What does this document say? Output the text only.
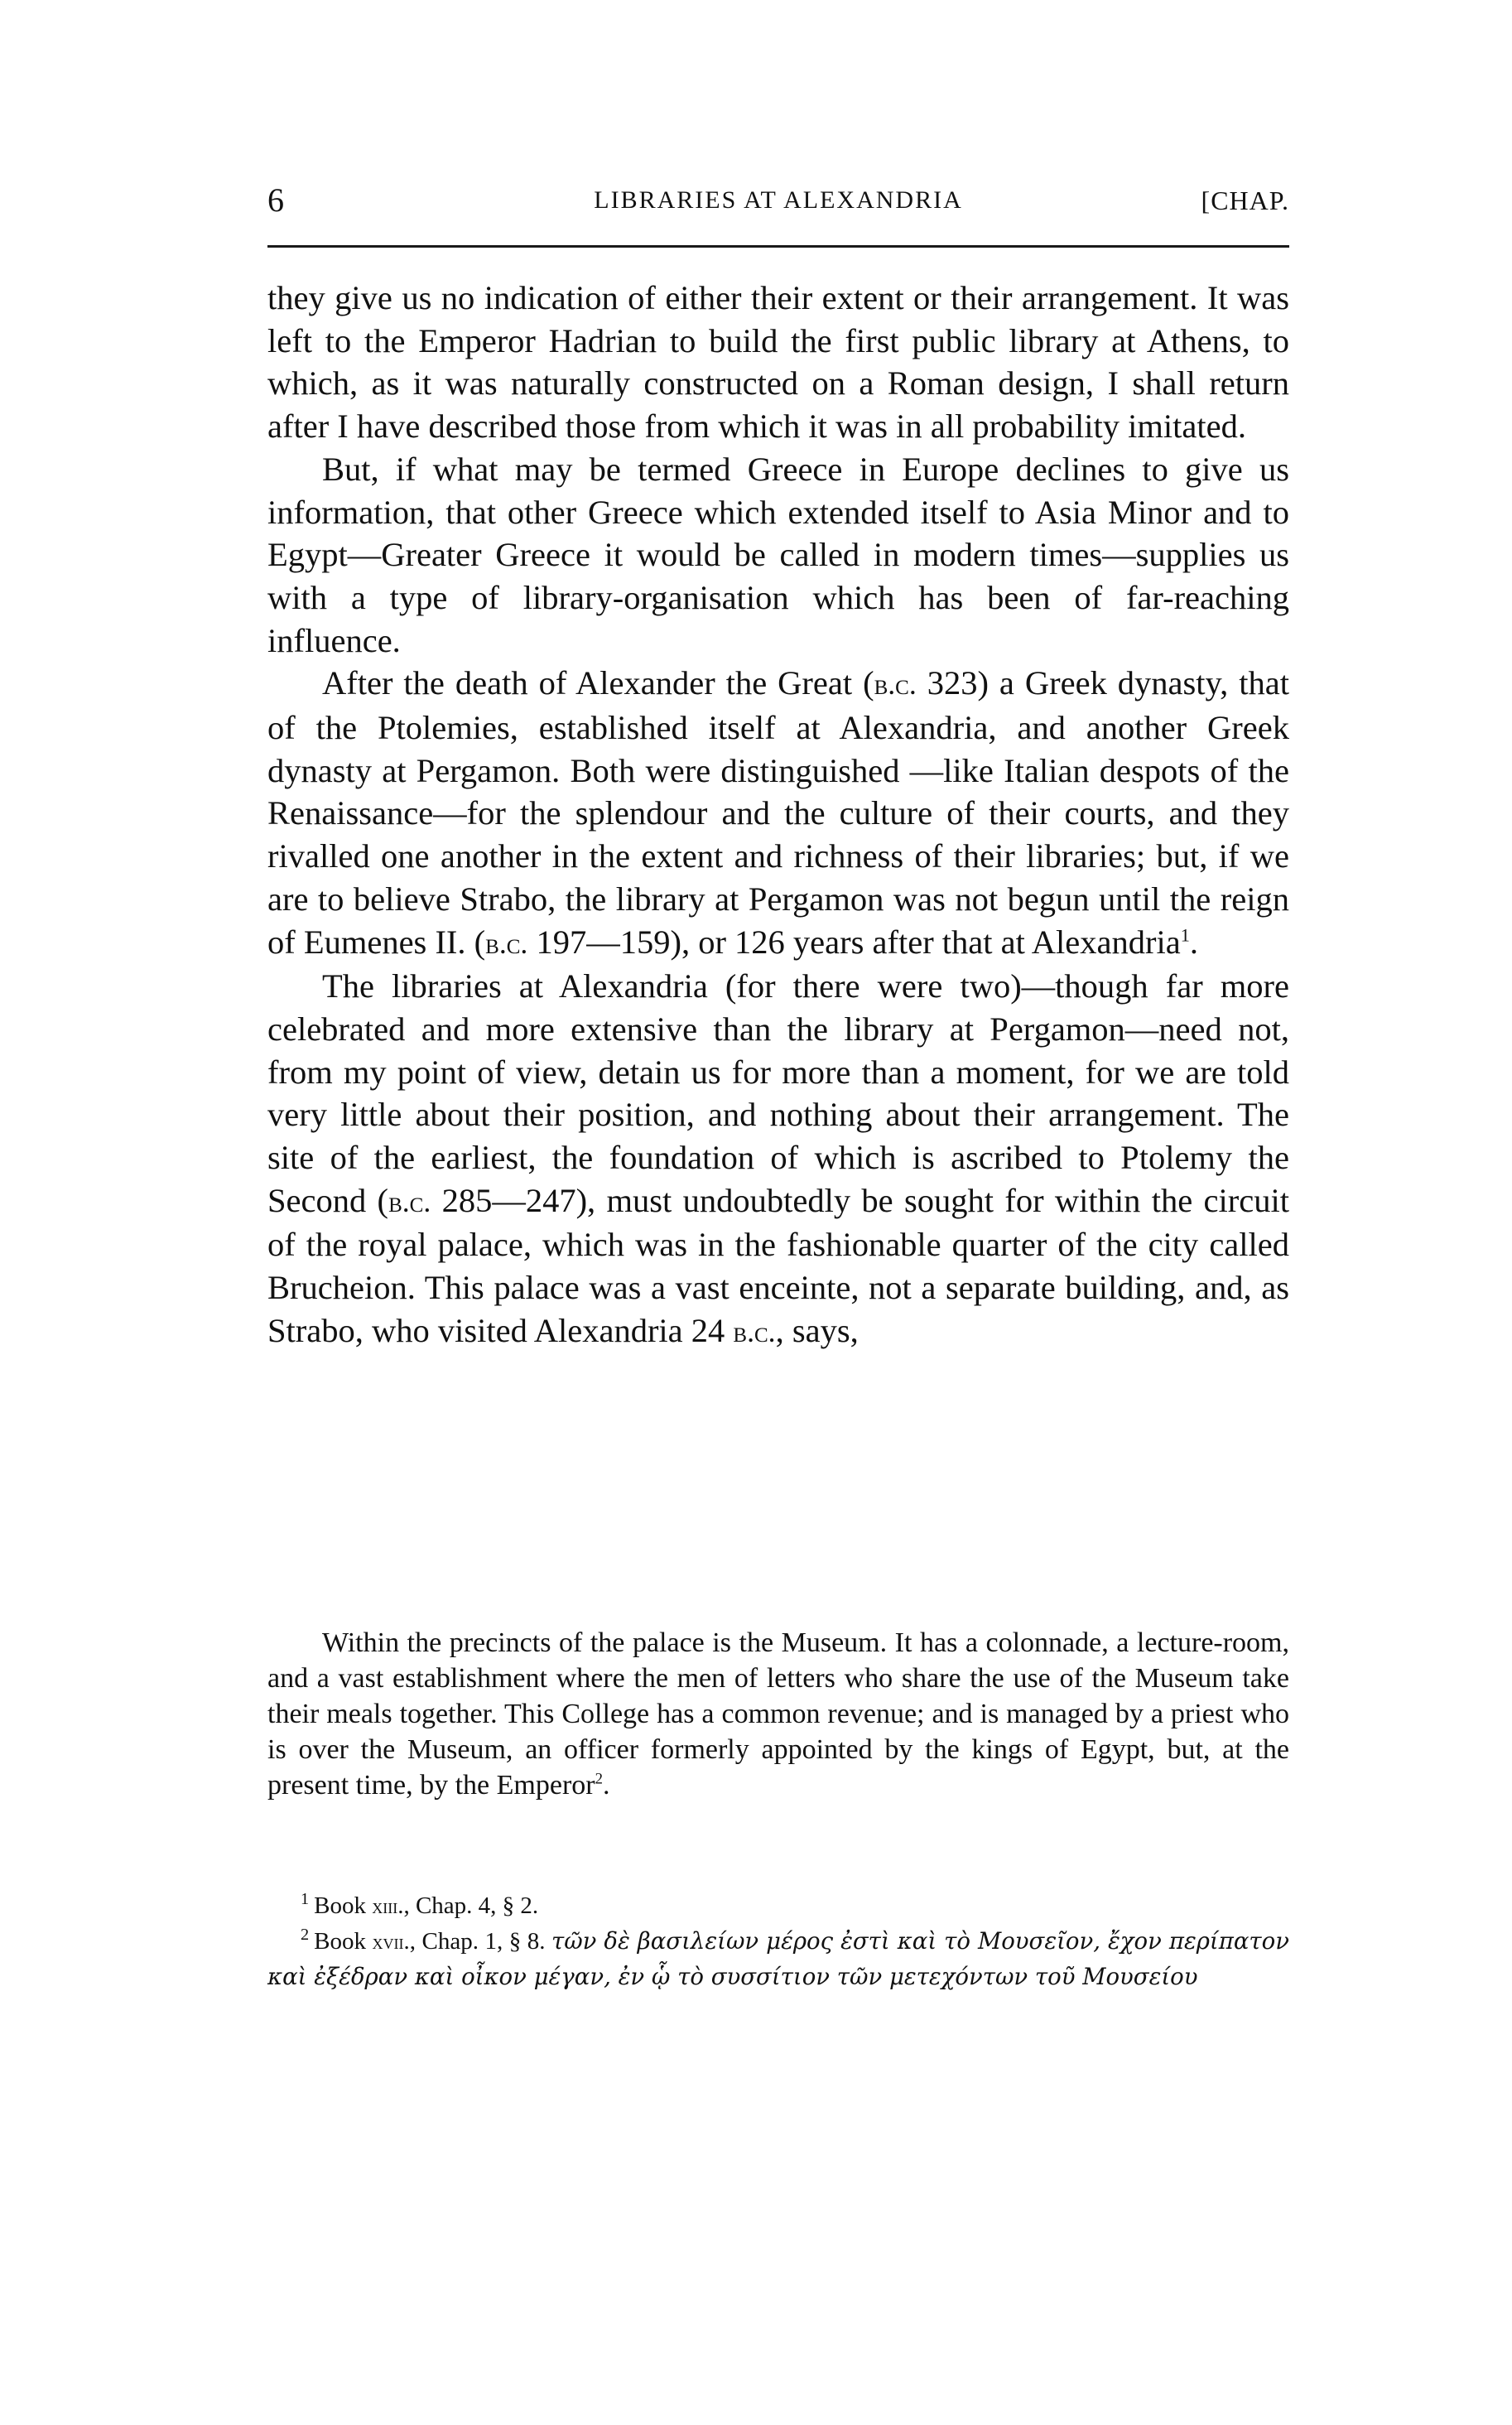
6	LIBRARIES AT ALEXANDRIA	[CHAP.

they give us no indication of either their extent or their arrangement. It was left to the Emperor Hadrian to build the first public library at Athens, to which, as it was naturally constructed on a Roman design, I shall return after I have described those from which it was in all probability imitated.

But, if what may be termed Greece in Europe declines to give us information, that other Greece which extended itself to Asia Minor and to Egypt—Greater Greece it would be called in modern times—supplies us with a type of library-organisation which has been of far-reaching influence.

After the death of Alexander the Great (b.c. 323) a Greek dynasty, that of the Ptolemies, established itself at Alexandria, and another Greek dynasty at Pergamon. Both were distinguished —like Italian despots of the Renaissance—for the splendour and the culture of their courts, and they rivalled one another in the extent and richness of their libraries; but, if we are to believe Strabo, the library at Pergamon was not begun until the reign of Eumenes II. (b.c. 197—159), or 126 years after that at Alexandria$^1$.

The libraries at Alexandria (for there were two)—though far more celebrated and more extensive than the library at Pergamon—need not, from my point of view, detain us for more than a moment, for we are told very little about their position, and nothing about their arrangement. The site of the earliest, the foundation of which is ascribed to Ptolemy the Second (b.c. 285—247), must undoubtedly be sought for within the circuit of the royal palace, which was in the fashionable quarter of the city called Brucheion. This palace was a vast enceinte, not a separate building, and, as Strabo, who visited Alexandria 24 b.c., says,

Within the precincts of the palace is the Museum. It has a colonnade, a lecture-room, and a vast establishment where the men of letters who share the use of the Museum take their meals together. This College has a common revenue; and is managed by a priest who is over the Museum, an officer formerly appointed by the kings of Egypt, but, at the present time, by the Emperor$^2$.

$^1$ Book xiii., Chap. 4, § 2.

$^2$ Book xvii., Chap. 1, § 8. τῶν δὲ βασιλείων μέρος ἐστὶ καὶ τὸ Μουσεῖον, ἔχον περίπατον καὶ ἐξέδραν καὶ οἶκον μέγαν, ἐν ᾧ τὸ συσσίτιον τῶν μετεχόντων τοῦ Μουσείου
